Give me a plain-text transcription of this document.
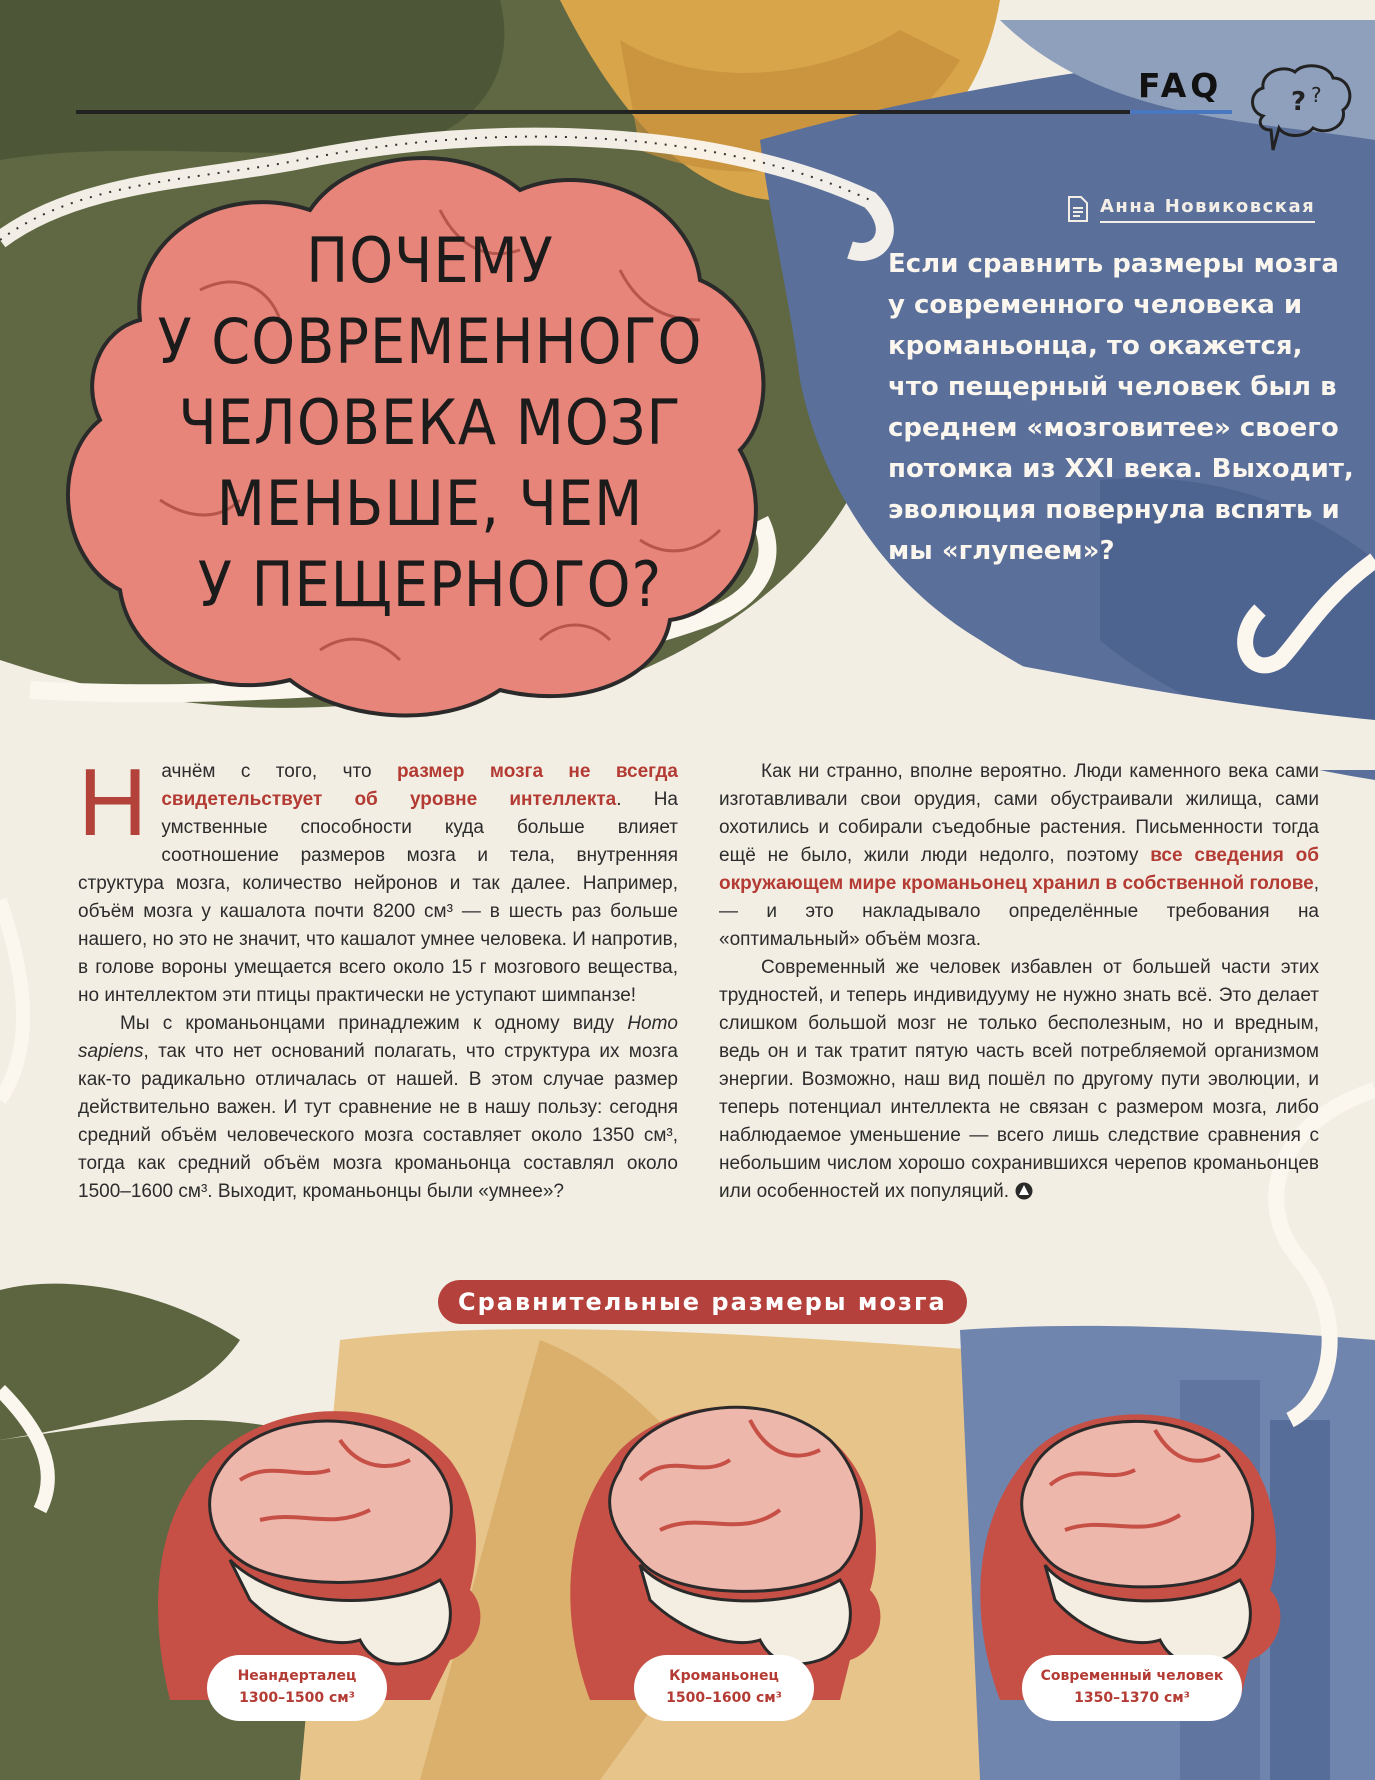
FAQ	? ?
ПОЧЕМУ
У СОВРЕМЕННОГО
ЧЕЛОВЕКА МОЗГ
МЕНЬШЕ, ЧЕМ
У ПЕЩЕРНОГО?
Анна Новиковская
Если сравнить размеры мозга у современного человека и кроманьонца, то окажется, что пещерный человек был в среднем «мозговитее» своего потомка из XXI века. Выходит, эволюция повернула вспять и мы «глупеем»?

Начнём с того, что размер мозга не всегда свидетельствует об уровне интеллекта. На умственные способности куда больше влияет соотношение размеров мозга и тела, внутренняя структура мозга, количество нейронов и так далее. Например, объём мозга у кашалота почти 8200 см³ — в шесть раз больше нашего, но это не значит, что кашалот умнее человека. И напротив, в голове вороны умещается всего около 15 г мозгового вещества, но интеллектом эти птицы практически не уступают шимпанзе!

Мы с кроманьонцами принадлежим к одному виду Homo sapiens, так что нет оснований полагать, что структура их мозга как-то радикально отличалась от нашей. В этом случае размер действительно важен. И тут сравнение не в нашу пользу: сегодня средний объём человеческого мозга составляет около 1350 см³, тогда как средний объём мозга кроманьонца составлял около 1500–1600 см³. Выходит, кроманьонцы были «умнее»?

Как ни странно, вполне вероятно. Люди каменного века сами изготавливали свои орудия, сами обустраивали жилища, сами охотились и собирали съедобные растения. Письменности тогда ещё не было, жили люди недолго, поэтому все сведения об окружающем мире кроманьонец хранил в собственной голове, — и это накладывало определённые требования на «оптимальный» объём мозга.

Современный же человек избавлен от большей части этих трудностей, и теперь индивидууму не нужно знать всё. Это делает слишком большой мозг не только бесполезным, но и вредным, ведь он и так тратит пятую часть всей потребляемой организмом энергии. Возможно, наш вид пошёл по другому пути эволюции, и теперь потенциал интеллекта не связан с размером мозга, либо наблюдаемое уменьшение — всего лишь следствие сравнения с небольшим числом хорошо сохранившихся черепов кроманьонцев или особенностей их популяций.

Сравнительные размеры мозга
Неандерталец
1300–1500 см³
Кроманьонец
1500–1600 см³
Современный человек
1350–1370 см³
